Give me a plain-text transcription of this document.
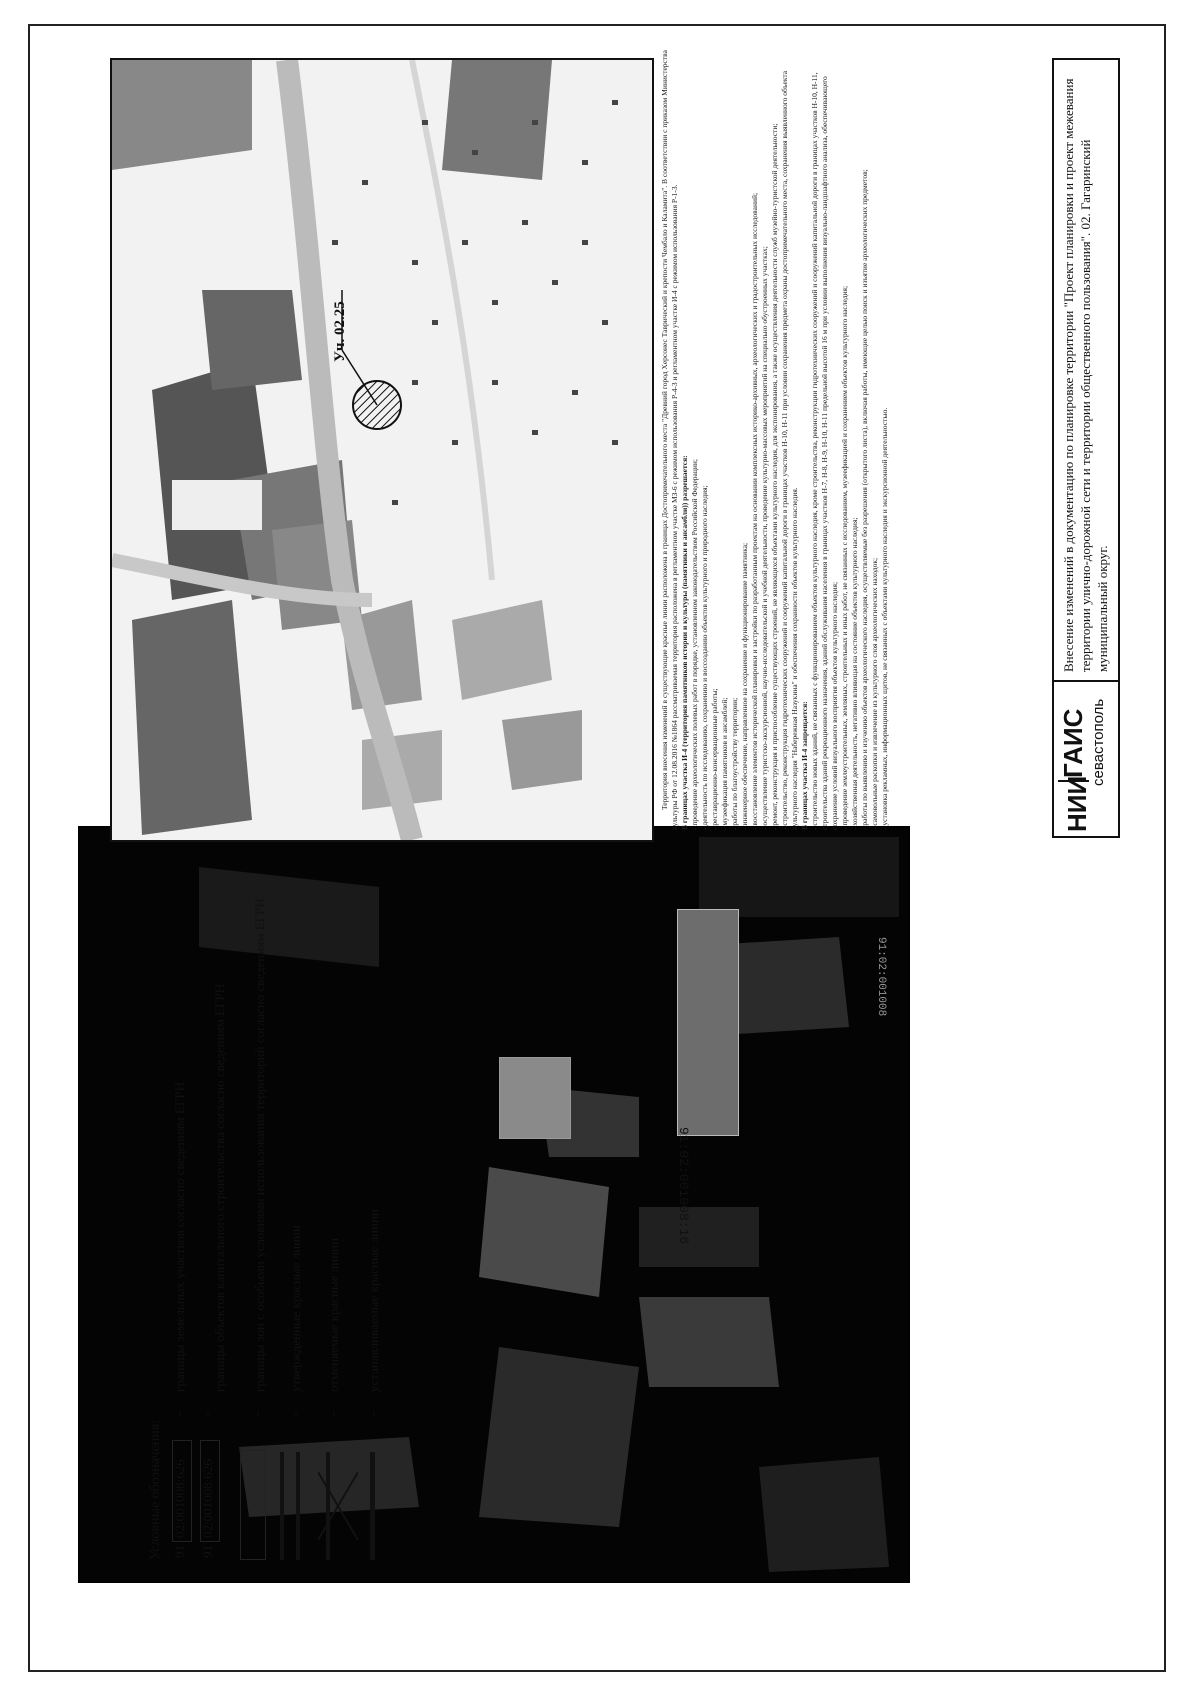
91:02:001008:16
91:02:001008
Условные обозначения: 91
02:001008:626
-
границы земельных участков согласно сведениям ЕГРН
91
02:001008:626
-
границы объектов капитального строительства согласно сведениям ЕГРН
-
границы зон с особыми условиями использования территорий согласно сведениям ЕГРН
-
утвержденные красные линии
-
отменяемые красные линии
-
устанавливаемые красные линии
Уч. 02.25	Территория внесения изменений в существующие красные линии расположена в границах Достопримечательного места "Древний город Херсонес Таврический и крепости Чембало и Каламита". В соответствии с приказом Министерства культуры РФ от 12.08.2016 №1864 рассматриваемая территория расположена в регламентном участке МЗ-6 с режимом использования Р-4-3 и регламентном участке И-4 с режимом использования Р-1-3. В границах участка И-4 (территория памятников истории и культуры (памятники и ансамбли)) разрешается: - проведение археологических полевых работ в порядке, установленном законодательством Российской Федерации; - деятельность по исследованию, сохранению и воссозданию объектов культурного и природного наследия; - реставрационно-консервационные работы; - музеефикация памятников и ансамблей; - работы по благоустройству территории; - инженерное обеспечение, направленное на сохранение и функционирование памятника; - восстановление элементов исторической планировки и застройки по разработанным проектам на основании комплексных историко-архивных, археологических и градостроительных исследований; - осуществление туристско-экскурсионной, научно-исследовательской и учебной деятельности, проведение культурно-массовых мероприятий на специально обустроенных участках; - ремонт, реконструкция и приспособление существующих строений, не являющихся объектами культурного наследия, для экспонирования, а также осуществления деятельности служб музейно-туристской деятельности; - строительство, реконструкция гидротехнических сооружений и сооружений капитальной дороги в границах участков Н-10, Н-11 при условии сохранения предмета охраны достопримечательного места, сохранения выявленного объекта культурного наследия "Набережная Назукина" и обеспечения сохранности объектов культурного наследия. В границах участка И-4 запрещается: - строительство новых зданий, не связанных с функционированием объектов культурного наследия, кроме строительства, реконструкции гидротехнических сооружений и сооружений капитальной дороги в границах участков Н-10, Н-11, строительства зданий рекреационного назначения, зданий обслуживания населения в границах участков Н-7, Н-8, Н-9, Н-10, Н-11 предельной высотой 16 м при условии выполнения визуально-ландшафтного анализа, обеспечивающего сохранение условий визуального восприятия объектов культурного наследия; - проведение землеустроительных, земляных, строительных и иных работ, не связанных с исследованием, музеефикацией и сохранением объектов культурного наследия; - хозяйственная деятельность, негативно влияющая на состояние объектов культурного наследия; - работы по выявлению и изучению объектов археологического наследия, осуществляемые без разрешения (открытого листа), включая работы, имеющие целью поиск и изъятие археологических предметов; - самовольные раскопки и извлечение из культурного слоя археологических находок; - установка рекламных, информационных щитов, не связанных с объектами культурного наследия и экскурсионной деятельностью.	Внесение изменений в документацию по планировке территории "Проект планировки и проект межевания территории улично-дорожной сети и территории общественного пользования". 02. Гагаринский муниципальный округ.
НИИ
ГАИС севастополь
